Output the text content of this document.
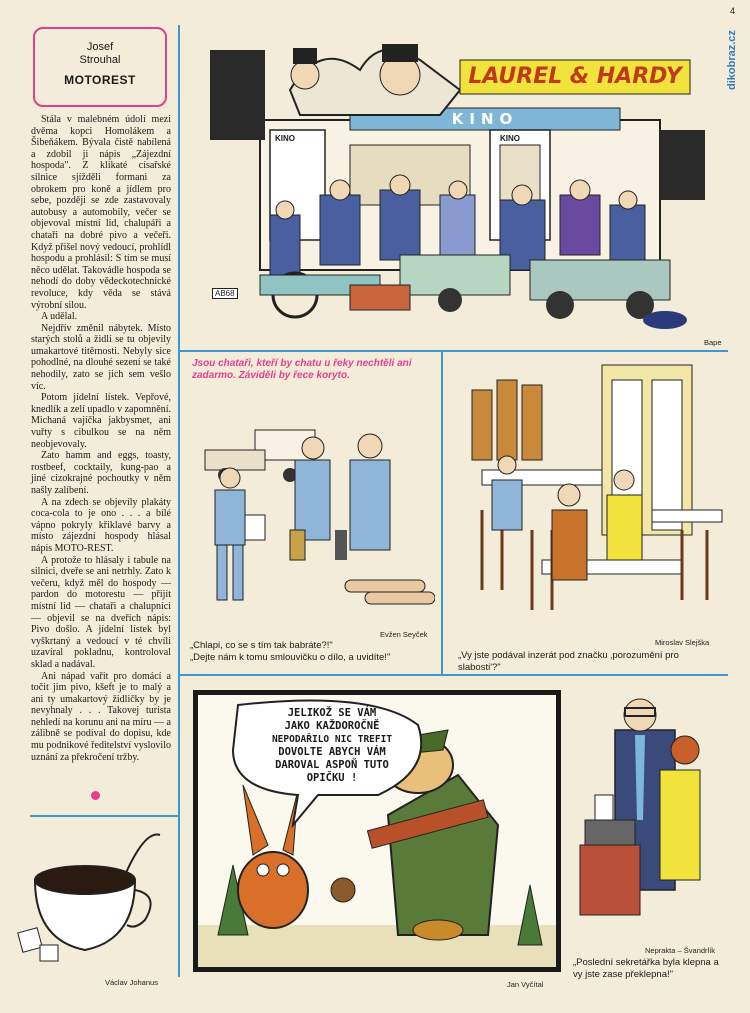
4
dikobraz.cz
Josef
Strouhal
MOTOREST

Stála v malebném údolí mezi dvěma kopci Homolákem a Šibeňákem. Bývala čistě nabílená a zdobil ji nápis „Zájezdní hospoda". Z klikaté císařské silnice sjížděli formani za obrokem pro koně a jídlem pro sebe, později se zde zastavovaly autobusy a automobily, večer se objevoval místní lid, chalupáři a chataři na dobré pivo a večeři. Když přišel nový vedoucí, prohlídl hospodu a prohlásil: S tím se musí něco udělat. Takovádle hospoda se nehodí do doby vědeckotechnické revoluce, kdy věda se stává výrobní silou.

A udělal.

Nejdřív změnil nábytek. Místo starých stolů a židlí se tu objevily umakartové titěrnosti. Nebyly sice pohodlné, na dlouhé sezení se také nehodily, zato se jich sem vešlo víc.

Potom jídelní lístek. Vepřové, knedlík a zelí upadlo v zapomnění. Michaná vajíčka jakbysmet, ani vuřty s cibulkou se na něm neobjevovaly.

Zato hamm and eggs, toasty, rostbeef, cocktaily, kung-pao a jiné cizokrajné pochoutky v něm našly zalíbení.

A na zdech se objevily plakáty coca-cola to je ono . . . a bílé vápno pokryly křiklavé barvy a místo zájezdní hospody hlásal nápis MOTO-REST.

A protože to hlásaly i tabule na silnici, dveře se ani netrhly. Zato k večeru, když měl do hospody — pardon do motorestu — přijít místní lid — chataři a chalupníci — objevil se na dveřích nápis: Pivo došlo. A jídelní lístek byl vyškrtaný a vedoucí v té chvíli uzavíral pokladnu, kontroloval sklad a nadával.

Ani nápad vařit pro domácí a točit jim pivo, kšeft je to malý a ani ty umakartový židličky by je nevyhnaly . . . Takovej turista nehledí na korunu ani na míru — a zálibně se podíval do dopisu, kde mu podnikové ředitelství vyslovilo uznání za překročení tržby.

LAUREL & HARDY
KINO
KINO	KINO
AB68
Bape
Jsou chataři, kteří by chatu u řeky nechtěli ani zadarmo. Záviděli by řece koryto.
Evžen Seyček
„Chlapi, co se s tím tak babráte?!"
„Dejte nám k tomu smlouvičku o dílo, a uvidíte!"
Miroslav Slejška
„Vy jste podával inzerát pod značku ‚porozumění pro slabosti'?"
JELIKOŽ SE VÁM
JAKO KAŽDOROČNĚ
NEPODAŘILO NIC TREFIT
DOVOLTE ABYCH VÁM
DAROVAL ASPOŇ TUTO
OPIČKU !
Jan Vyčítal
Neprakta – Švandrlík
„Poslední sekretářka byla klepna a vy jste zase překlepna!"
Václav Johanus
